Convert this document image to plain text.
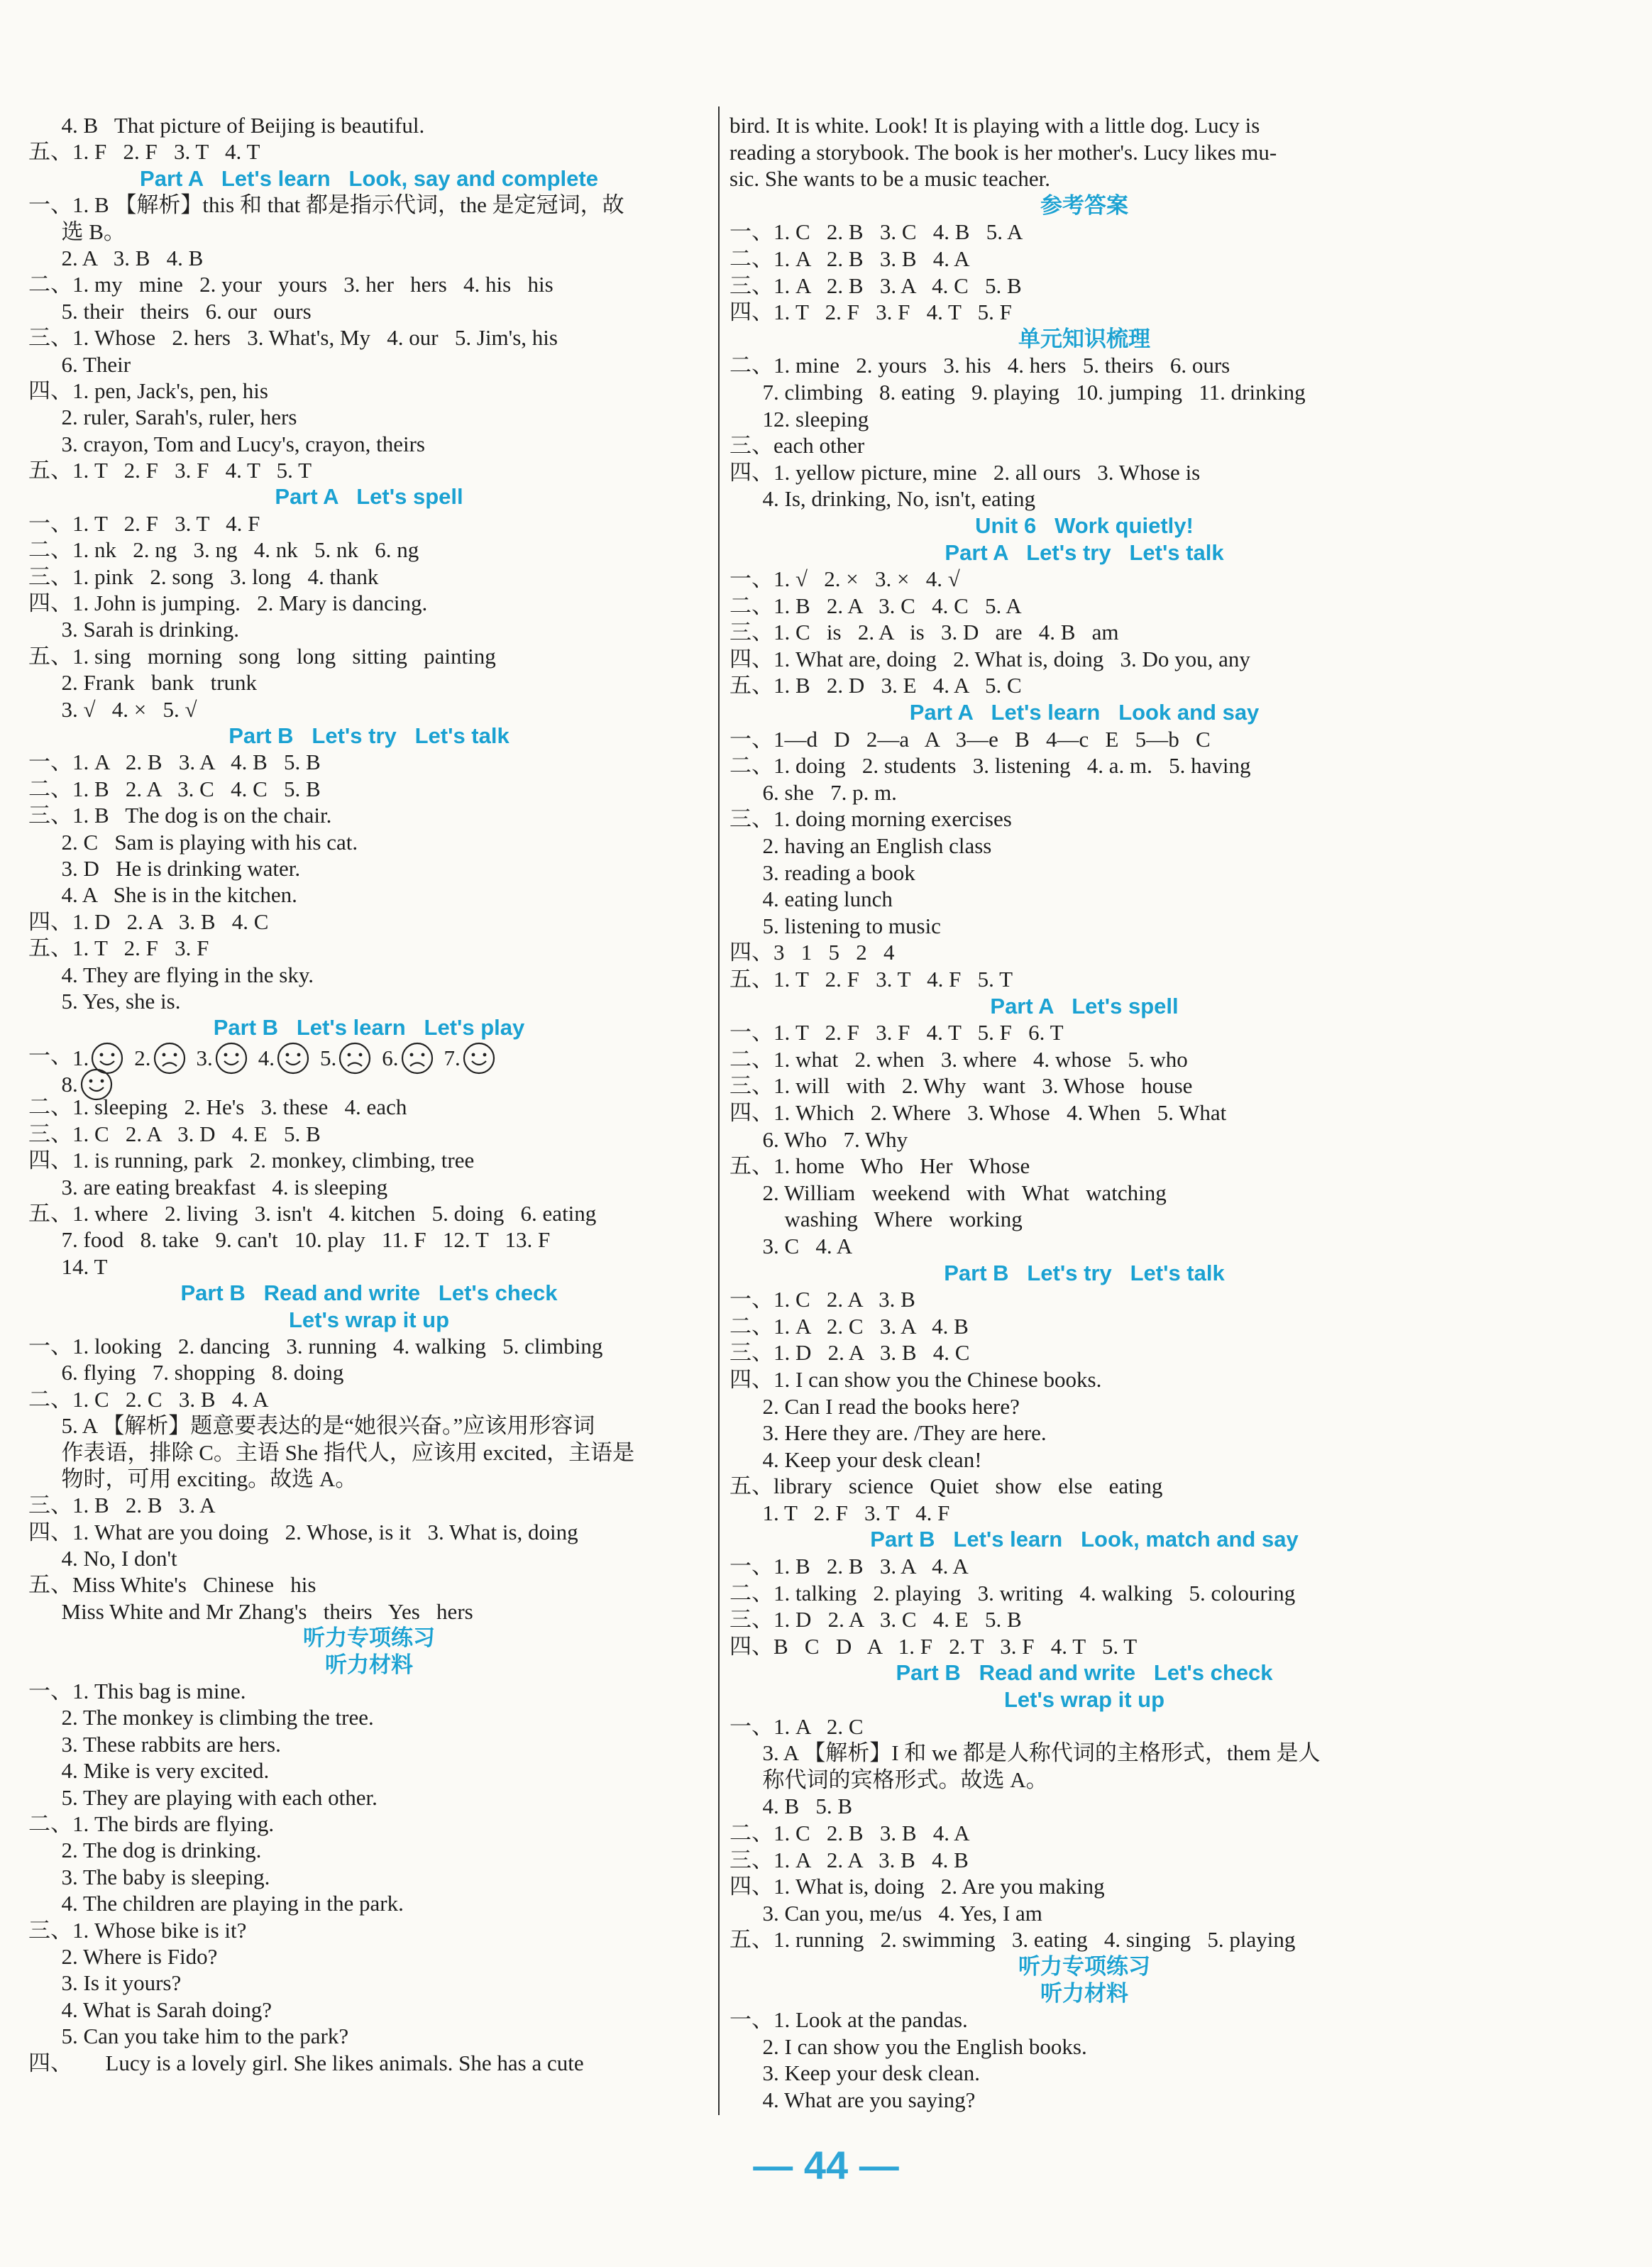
4. B   That picture of Beijing is beautiful.
五、1. F   2. F   3. T   4. T
Part A   Let's learn   Look, say and complete
一、1. B 【解析】this 和 that 都是指示代词，the 是定冠词，故
选 B。
2. A   3. B   4. B
二、1. my   mine   2. your   yours   3. her   hers   4. his   his
5. their   theirs   6. our   ours
三、1. Whose   2. hers   3. What's, My   4. our   5. Jim's, his
6. Their
四、1. pen, Jack's, pen, his
2. ruler, Sarah's, ruler, hers
3. crayon, Tom and Lucy's, crayon, theirs
五、1. T   2. F   3. F   4. T   5. T
Part A   Let's spell
一、1. T   2. F   3. T   4. F
二、1. nk   2. ng   3. ng   4. nk   5. nk   6. ng
三、1. pink   2. song   3. long   4. thank
四、1. John is jumping.   2. Mary is dancing.
3. Sarah is drinking.
五、1. sing   morning   song   long   sitting   painting
2. Frank   bank   trunk
3. √   4. ×   5. √
Part B   Let's try   Let's talk
一、1. A   2. B   3. A   4. B   5. B
二、1. B   2. A   3. C   4. C   5. B
三、1. B   The dog is on the chair.
2. C   Sam is playing with his cat.
3. D   He is drinking water.
4. A   She is in the kitchen.
四、1. D   2. A   3. B   4. C
五、1. T   2. F   3. F
4. They are flying in the sky.
5. Yes, she is.
Part B   Let's learn   Let's play
一、 1. 2. 3. 4. 5. 6. 7.

8.
二、1. sleeping   2. He's   3. these   4. each
三、1. C   2. A   3. D   4. E   5. B
四、1. is running, park   2. monkey, climbing, tree
3. are eating breakfast   4. is sleeping
五、1. where   2. living   3. isn't   4. kitchen   5. doing   6. eating
7. food   8. take   9. can't   10. play   11. F   12. T   13. F
14. T
Part B   Read and write   Let's check
Let's wrap it up
一、1. looking   2. dancing   3. running   4. walking   5. climbing
6. flying   7. shopping   8. doing
二、1. C   2. C   3. B   4. A
5. A 【解析】题意要表达的是“她很兴奋。”应该用形容词
作表语，排除 C。主语 She 指代人，应该用 excited，主语是
物时，可用 exciting。故选 A。
三、1. B   2. B   3. A
四、1. What are you doing   2. Whose, is it   3. What is, doing
4. No, I don't
五、Miss White's   Chinese   his
Miss White and Mr Zhang's   theirs   Yes   hers
听力专项练习
听力材料
一、1. This bag is mine.
2. The monkey is climbing the tree.
3. These rabbits are hers.
4. Mike is very excited.
5. They are playing with each other.
二、1. The birds are flying.
2. The dog is drinking.
3. The baby is sleeping.
4. The children are playing in the park.
三、1. Whose bike is it?
2. Where is Fido?
3. Is it yours?
4. What is Sarah doing?
5. Can you take him to the park?
四、      Lucy is a lovely girl. She likes animals. She has a cute
bird. It is white. Look! It is playing with a little dog. Lucy is
reading a storybook. The book is her mother's. Lucy likes mu-
sic. She wants to be a music teacher.
参考答案
一、1. C   2. B   3. C   4. B   5. A
二、1. A   2. B   3. B   4. A
三、1. A   2. B   3. A   4. C   5. B
四、1. T   2. F   3. F   4. T   5. F
单元知识梳理
二、1. mine   2. yours   3. his   4. hers   5. theirs   6. ours
7. climbing   8. eating   9. playing   10. jumping   11. drinking
12. sleeping
三、each other
四、1. yellow picture, mine   2. all ours   3. Whose is
4. Is, drinking, No, isn't, eating
Unit 6   Work quietly!
Part A   Let's try   Let's talk
一、1. √   2. ×   3. ×   4. √
二、1. B   2. A   3. C   4. C   5. A
三、1. C   is   2. A   is   3. D   are   4. B   am
四、1. What are, doing   2. What is, doing   3. Do you, any
五、1. B   2. D   3. E   4. A   5. C
Part A   Let's learn   Look and say
一、1—d   D   2—a   A   3—e   B   4—c   E   5—b   C
二、1. doing   2. students   3. listening   4. a. m.   5. having
6. she   7. p. m.
三、1. doing morning exercises
2. having an English class
3. reading a book
4. eating lunch
5. listening to music
四、3   1   5   2   4
五、1. T   2. F   3. T   4. F   5. T
Part A   Let's spell
一、1. T   2. F   3. F   4. T   5. F   6. T
二、1. what   2. when   3. where   4. whose   5. who
三、1. will   with   2. Why   want   3. Whose   house
四、1. Which   2. Where   3. Whose   4. When   5. What
6. Who   7. Why
五、1. home   Who   Her   Whose
2. William   weekend   with   What   watching
washing   Where   working
3. C   4. A
Part B   Let's try   Let's talk
一、1. C   2. A   3. B
二、1. A   2. C   3. A   4. B
三、1. D   2. A   3. B   4. C
四、1. I can show you the Chinese books.
2. Can I read the books here?
3. Here they are. /They are here.
4. Keep your desk clean!
五、library   science   Quiet   show   else   eating
1. T   2. F   3. T   4. F
Part B   Let's learn   Look, match and say
一、1. B   2. B   3. A   4. A
二、1. talking   2. playing   3. writing   4. walking   5. colouring
三、1. D   2. A   3. C   4. E   5. B
四、B   C   D   A   1. F   2. T   3. F   4. T   5. T
Part B   Read and write   Let's check
Let's wrap it up
一、1. A   2. C
3. A 【解析】I 和 we 都是人称代词的主格形式，them 是人
称代词的宾格形式。故选 A。
4. B   5. B
二、1. C   2. B   3. B   4. A
三、1. A   2. A   3. B   4. B
四、1. What is, doing   2. Are you making
3. Can you, me/us   4. Yes, I am
五、1. running   2. swimming   3. eating   4. singing   5. playing
听力专项练习
听力材料
一、1. Look at the pandas.
2. I can show you the English books.
3. Keep your desk clean.
4. What are you saying?
— 44 —
